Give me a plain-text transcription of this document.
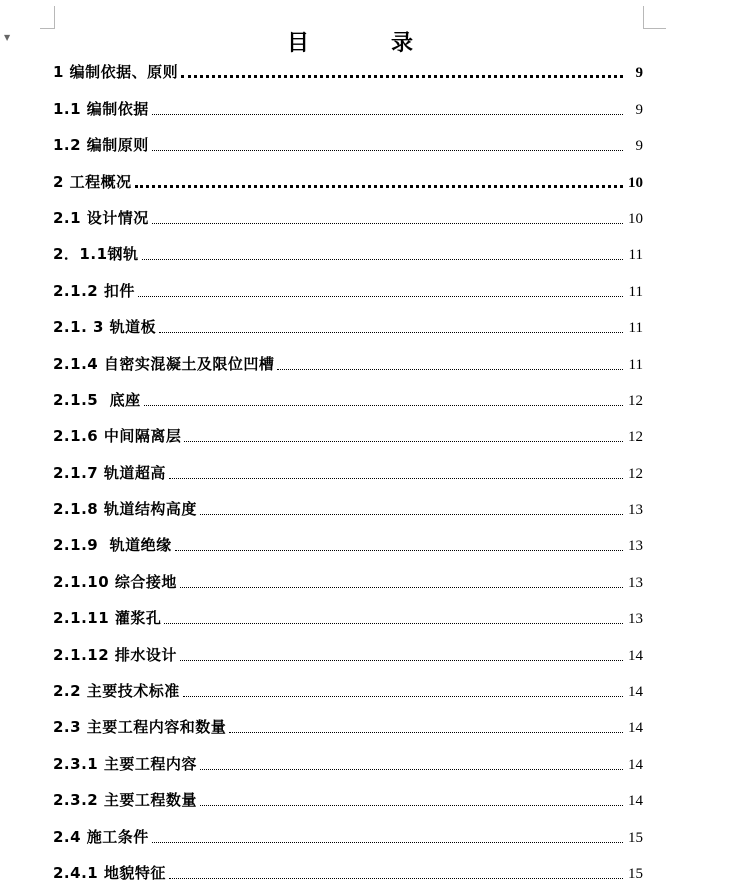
▼	目　录
1 编制依据、原则	9
1.1 编制依据	9
1.2 编制原则	9
2 工程概况	10
2.1 设计情况	10
2．1.1钢轨	11
2.1.2 扣件	11
2.1. 3 轨道板	11
2.1.4 自密实混凝土及限位凹槽	11
2.1.5  底座	12
2.1.6 中间隔离层	12
2.1.7 轨道超高	12
2.1.8 轨道结构高度	13
2.1.9  轨道绝缘	13
2.1.10 综合接地	13
2.1.11 灌浆孔	13
2.1.12 排水设计	14
2.2 主要技术标准	14
2.3 主要工程内容和数量	14
2.3.1 主要工程内容	14
2.3.2 主要工程数量	14
2.4 施工条件	15
2.4.1 地貌特征	15
